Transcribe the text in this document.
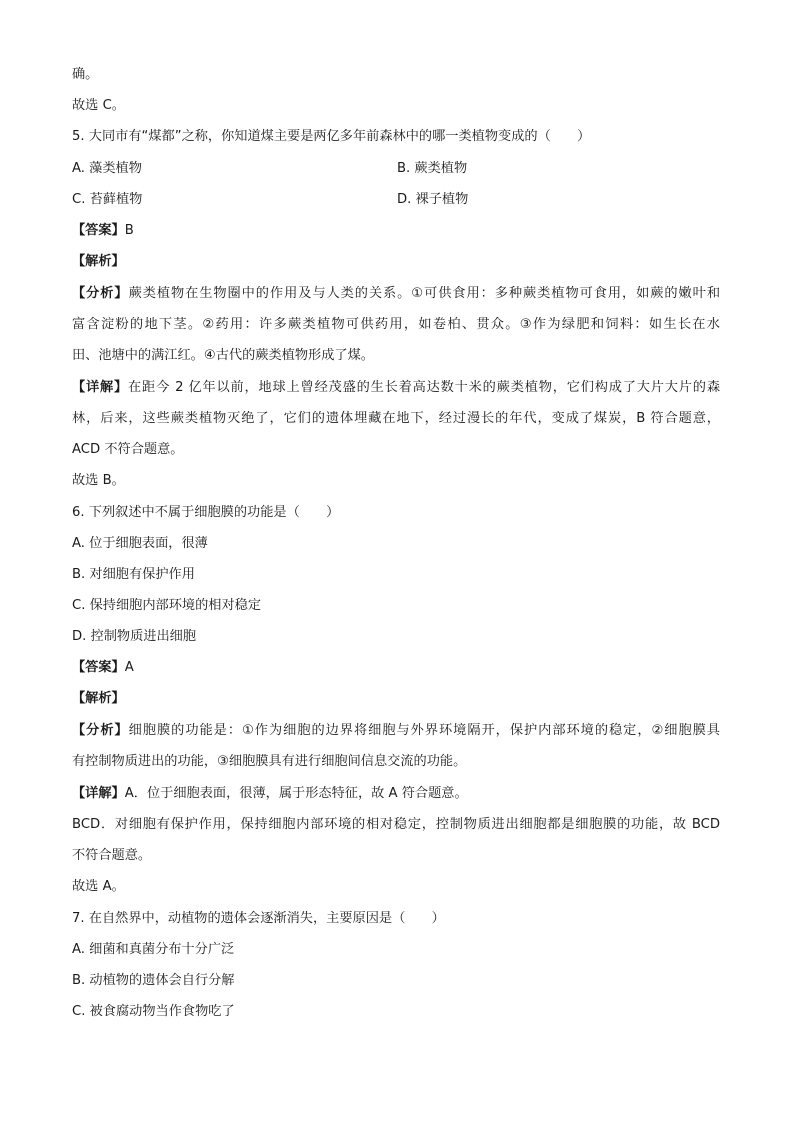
确。
故选 C。
5. 大同市有“煤都”之称，你知道煤主要是两亿多年前森林中的哪一类植物变成的（　　）
A. 藻类植物	B. 蕨类植物
C. 苔藓植物	D. 裸子植物
【答案】B
【解析】
【分析】蕨类植物在生物圈中的作用及与人类的关系。①可供食用：多种蕨类植物可食用，如蕨的嫩叶和
富含淀粉的地下茎。②药用：许多蕨类植物可供药用，如卷柏、贯众。③作为绿肥和饲料：如生长在水
田、池塘中的满江红。④古代的蕨类植物形成了煤。
【详解】在距今 2 亿年以前，地球上曾经茂盛的生长着高达数十米的蕨类植物，它们构成了大片大片的森
林，后来，这些蕨类植物灭绝了，它们的遗体埋藏在地下，经过漫长的年代，变成了煤炭，B 符合题意，
ACD 不符合题意。
故选 B。
6. 下列叙述中不属于细胞膜的功能是（　　）
A. 位于细胞表面，很薄
B. 对细胞有保护作用
C. 保持细胞内部环境的相对稳定
D. 控制物质进出细胞
【答案】A
【解析】
【分析】细胞膜的功能是：①作为细胞的边界将细胞与外界环境隔开，保护内部环境的稳定，②细胞膜具
有控制物质进出的功能，③细胞膜具有进行细胞间信息交流的功能。
【详解】A．位于细胞表面，很薄，属于形态特征，故 A 符合题意。
BCD．对细胞有保护作用，保持细胞内部环境的相对稳定，控制物质进出细胞都是细胞膜的功能，故 BCD
不符合题意。
故选 A。
7. 在自然界中，动植物的遗体会逐渐消失，主要原因是（　　）
A. 细菌和真菌分布十分广泛
B. 动植物的遗体会自行分解
C. 被食腐动物当作食物吃了
